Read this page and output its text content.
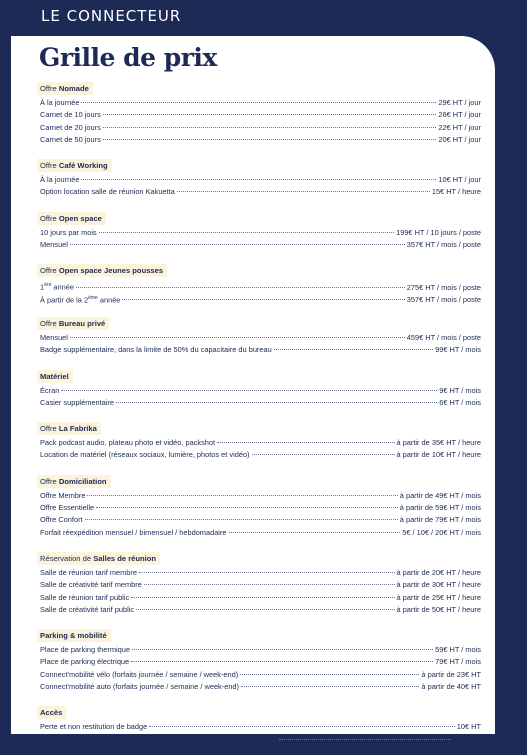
LE CONNECTEUR
Grille de prix
Offre Nomade
À la journée	29€ HT / jour
Carnet de 10 jours	26€ HT / jour
Carnet de 20 jours	22€ HT / jour
Carnet de 50 jours	20€ HT / jour
Offre Café Working
À la journée	10€ HT / jour
Option location salle de réunion Kakuetta	15€ HT / heure
Offre Open space
10 jours par mois	199€ HT / 10 jours / poste
Mensuel	357€ HT / mois / poste
Offre Open space Jeunes pousses
1ère année	275€ HT / mois / poste
À partir de la 2ème année	357€ HT / mois / poste
Offre Bureau privé
Mensuel	459€ HT / mois / poste
Badge supplémentaire, dans la limite de 50% du capacitaire du bureau	99€ HT / mois
Matériel
Écran	9€ HT / mois
Casier supplémentaire	6€ HT / mois
Offre La Fabrika
Pack podcast audio, plateau photo et vidéo, packshot	à partir de 35€ HT / heure
Location de matériel (réseaux sociaux, lumière, photos et vidéo)	à partir de 10€ HT / heure
Offre Domiciliation
Offre Membre	à partir de 49€ HT / mois
Offre Essentielle	à partir de 59€ HT / mois
Offre Confort	à partir de 79€ HT / mois
Forfait réexpédition mensuel / bimensuel / hebdomadaire	5€ / 10€ / 20€ HT / mois
Réservation de Salles de réunion
Salle de réunion tarif membre	à partir de 20€ HT / heure
Salle de créativité tarif membre	à partir de 30€ HT / heure
Salle de réunion tarif public	à partir de 25€ HT / heure
Salle de créativité tarif public	à partir de 50€ HT / heure
Parking & mobilité
Place de parking thermique	59€ HT / mois
Place de parking électrique	79€ HT / mois
Connect'mobilité vélo (forfaits journée / semaine / week-end)	à partir de 23€ HT
Connect'mobilité auto (forfaits journée / semaine / week-end)	à partir de 40€ HT
Accès
Perte et non restitution de badge	10€ HT
Intervention d'urgence entre minuit et 5h durant la fermeture du bâtiment	100€ HT
